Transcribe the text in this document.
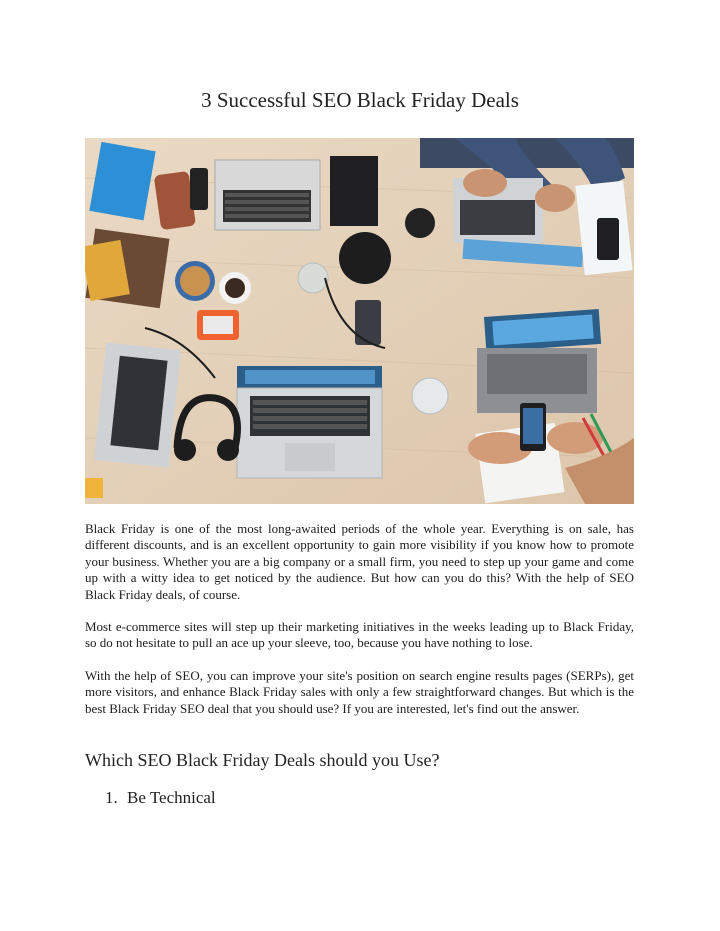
3 Successful SEO Black Friday Deals

Black Friday is one of the most long-awaited periods of the whole year. Everything is on sale, has different discounts, and is an excellent opportunity to gain more visibility if you know how to promote your business. Whether you are a big company or a small firm, you need to step up your game and come up with a witty idea to get noticed by the audience. But how can you do this? With the help of SEO Black Friday deals, of course.

Most e-commerce sites will step up their marketing initiatives in the weeks leading up to Black Friday, so do not hesitate to pull an ace up your sleeve, too, because you have nothing to lose.

With the help of SEO, you can improve your site's position on search engine results pages (SERPs), get more visitors, and enhance Black Friday sales with only a few straightforward changes. But which is the best Black Friday SEO deal that you should use? If you are interested, let's find out the answer.

Which SEO Black Friday Deals should you Use?
1. Be Technical
